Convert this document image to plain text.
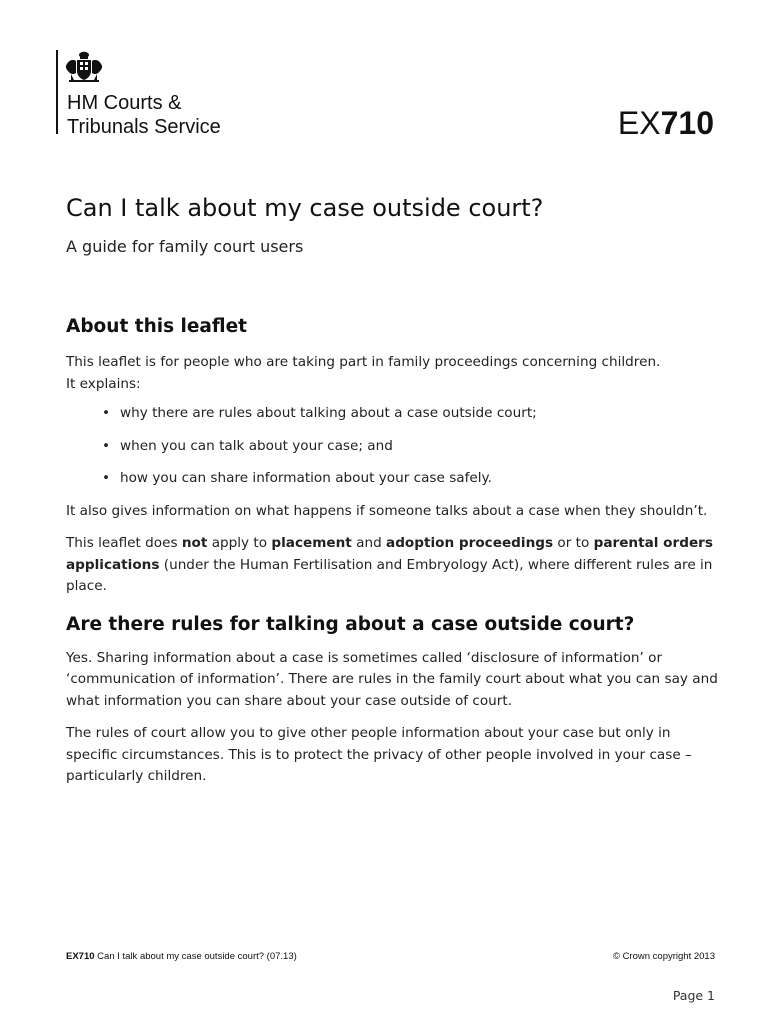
HM Courts &
Tribunals Service	EX710
Can I talk about my case outside court?
A guide for family court users
About this leaflet

This leaflet is for people who are taking part in family proceedings concerning children.
It explains:

• why there are rules about talking about a case outside court;
• when you can talk about your case; and
• how you can share information about your case safely.

It also gives information on what happens if someone talks about a case when they shouldn’t.

This leaflet does not apply to placement and adoption proceedings or to parental orders applications (under the Human Fertilisation and Embryology Act), where different rules are in place.

Are there rules for talking about a case outside court?

Yes. Sharing information about a case is sometimes called ‘disclosure of information’ or ‘communication of information’. There are rules in the family court about what you can say and what information you can share about your case outside of court.

The rules of court allow you to give other people information about your case but only in specific circumstances. This is to protect the privacy of other people involved in your case – particularly children.

EX710 Can I talk about my case outside court? (07.13)	© Crown copyright 2013
Page 1
